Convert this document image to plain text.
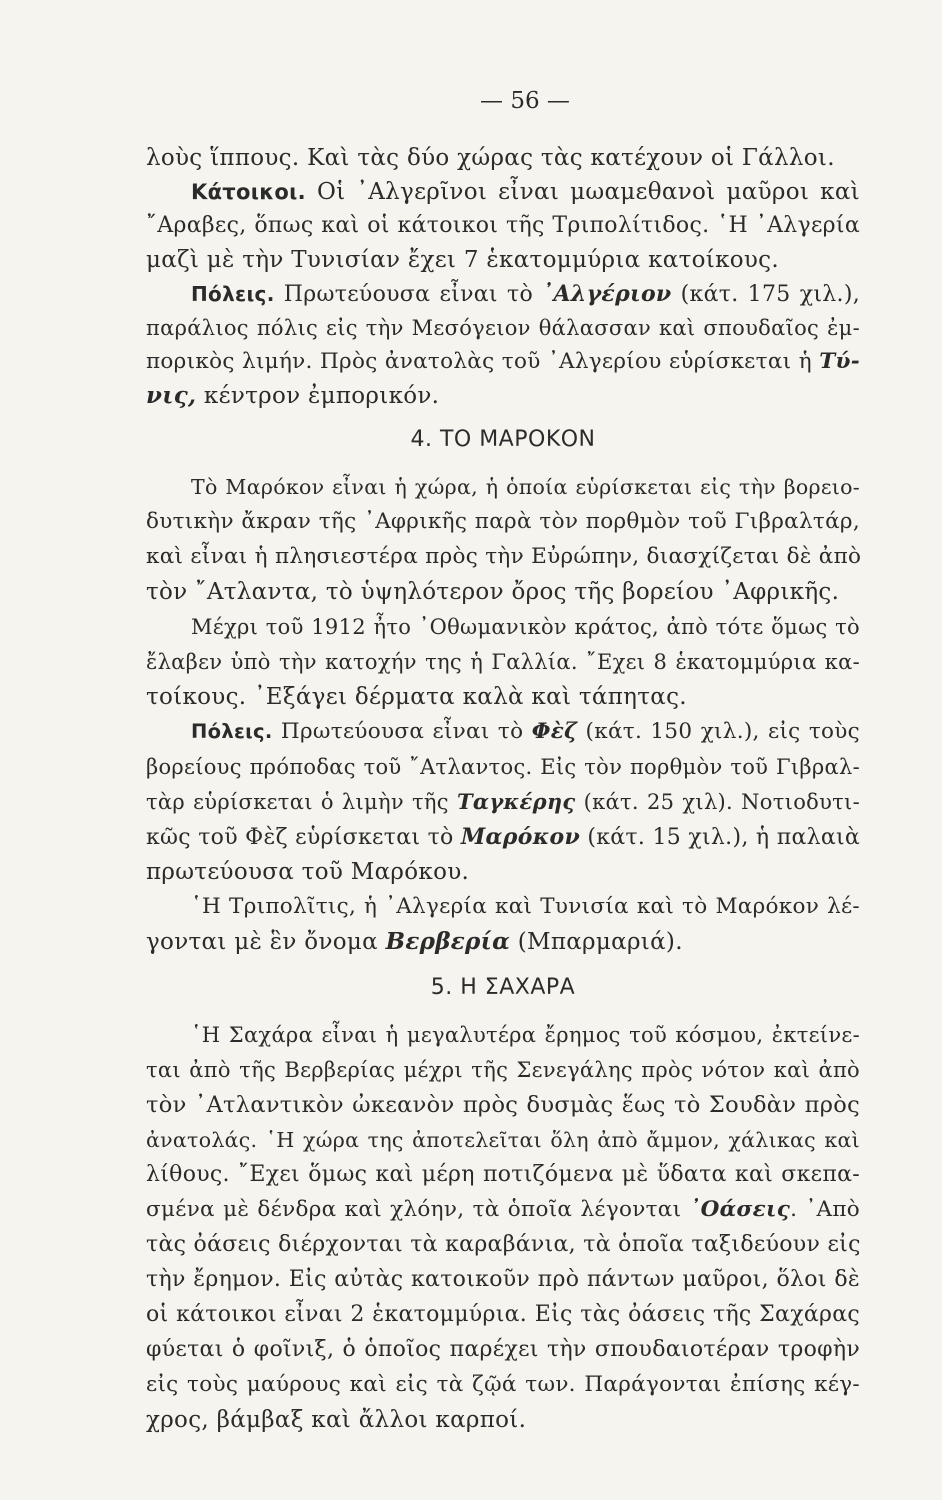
— 56 —
λοὺς ἵππους. Καὶ τὰς δύο χώρας τὰς κατέχουν οἱ Γάλλοι.
Κάτοικοι. Οἱ ᾿Αλγερῖνοι εἶναι μωαμεθανοὶ μαῦροι καὶ
῎Αραβες, ὅπως καὶ οἱ κάτοικοι τῆς Τριπολίτιδος. ῾Η ᾿Αλγερία
μαζὶ μὲ τὴν Τυνισίαν ἔχει 7 ἑκατομμύρια κατοίκους.
Πόλεις. Πρωτεύουσα εἶναι τὸ ᾿Αλγέριον (κάτ. 175 χιλ.),
παράλιος πόλις εἰς τὴν Μεσόγειον θάλασσαν καὶ σπουδαῖος ἐμ-
πορικὸς λιμήν. Πρὸς ἀνατολὰς τοῦ ᾿Αλγερίου εὑρίσκεται ἡ Τύ-
νις, κέντρον ἐμπορικόν.
4. ΤΟ ΜΑΡΟΚΟΝ
Τὸ Μαρόκον εἶναι ἡ χώρα, ἡ ὁποία εὑρίσκεται εἰς τὴν βορειο-
δυτικὴν ἄκραν τῆς ᾿Αφρικῆς παρὰ τὸν πορθμὸν τοῦ Γιβραλτάρ,
καὶ εἶναι ἡ πλησιεστέρα πρὸς τὴν Εὐρώπην, διασχίζεται δὲ ἀπὸ
τὸν ῎Ατλαντα, τὸ ὑψηλότερον ὄρος τῆς βορείου ᾿Αφρικῆς.
Μέχρι τοῦ 1912 ἦτο ᾿Οθωμανικὸν κράτος, ἀπὸ τότε ὅμως τὸ
ἔλαβεν ὑπὸ τὴν κατοχήν της ἡ Γαλλία. ῎Εχει 8 ἑκατομμύρια κα-
τοίκους. ᾿Εξάγει δέρματα καλὰ καὶ τάπητας.
Πόλεις. Πρωτεύουσα εἶναι τὸ Φὲζ (κάτ. 150 χιλ.), εἰς τοὺς
βορείους πρόποδας τοῦ ῎Ατλαντος. Εἰς τὸν πορθμὸν τοῦ Γιβραλ-
τὰρ εὑρίσκεται ὁ λιμὴν τῆς Ταγκέρης (κάτ. 25 χιλ). Νοτιοδυτι-
κῶς τοῦ Φὲζ εὑρίσκεται τὸ Μαρόκον (κάτ. 15 χιλ.), ἡ παλαιὰ
πρωτεύουσα τοῦ Μαρόκου.
῾Η Τριπολῖτις, ἡ ᾿Αλγερία καὶ Τυνισία καὶ τὸ Μαρόκον λέ-
γονται μὲ ἓν ὄνομα Βερβερία (Μπαρμαριά).
5. Η ΣΑΧΑΡΑ
῾Η Σαχάρα εἶναι ἡ μεγαλυτέρα ἔρημος τοῦ κόσμου, ἐκτείνε-
ται ἀπὸ τῆς Βερβερίας μέχρι τῆς Σενεγάλης πρὸς νότον καὶ ἀπὸ
τὸν ᾿Ατλαντικὸν ὠκεανὸν πρὸς δυσμὰς ἕως τὸ Σουδὰν πρὸς
ἀνατολάς. ῾Η χώρα της ἀποτελεῖται ὅλη ἀπὸ ἄμμον, χάλικας καὶ
λίθους. ῎Εχει ὅμως καὶ μέρη ποτιζόμενα μὲ ὕδατα καὶ σκεπα-
σμένα μὲ δένδρα καὶ χλόην, τὰ ὁποῖα λέγονται ᾿Οάσεις. ᾿Απὸ
τὰς ὀάσεις διέρχονται τὰ καραβάνια, τὰ ὁποῖα ταξιδεύουν εἰς
τὴν ἔρημον. Εἰς αὐτὰς κατοικοῦν πρὸ πάντων μαῦροι, ὅλοι δὲ
οἱ κάτοικοι εἶναι 2 ἑκατομμύρια. Εἰς τὰς ὀάσεις τῆς Σαχάρας
φύεται ὁ φοῖνιξ, ὁ ὁποῖος παρέχει τὴν σπουδαιοτέραν τροφὴν
εἰς τοὺς μαύρους καὶ εἰς τὰ ζῷά των. Παράγονται ἐπίσης κέγ-
χρος, βάμβαξ καὶ ἄλλοι καρποί.
